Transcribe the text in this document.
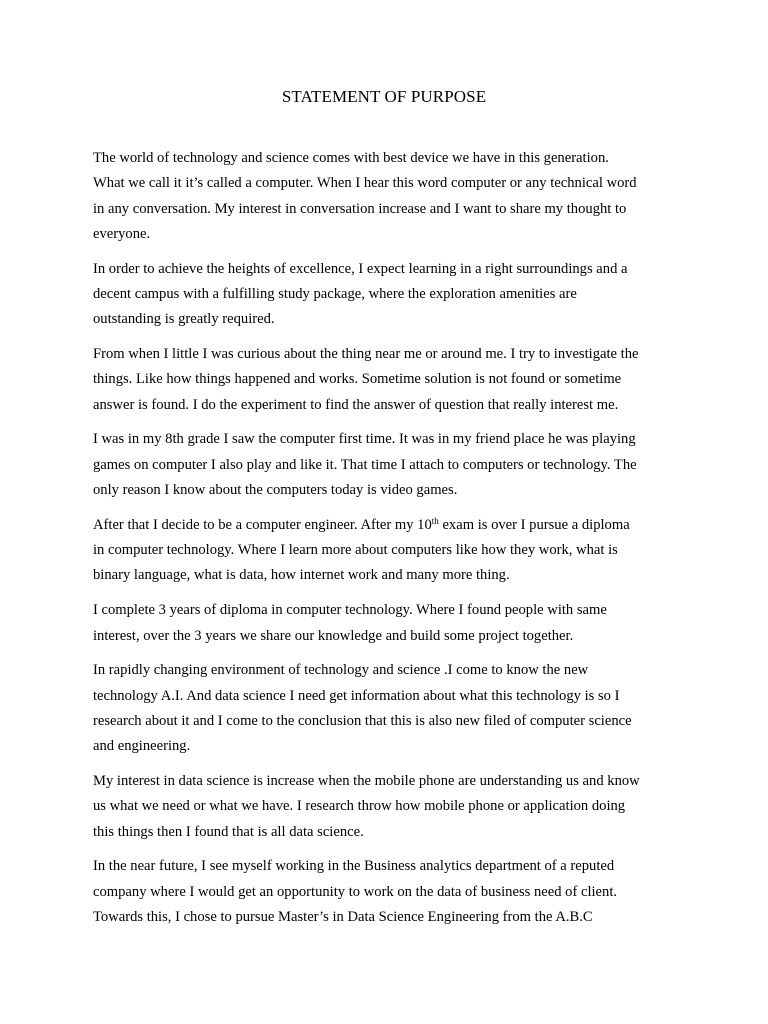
STATEMENT OF PURPOSE
The world of technology and science comes with best device we have in this generation.
What we call it it’s called a computer. When I hear this word computer or any technical word
in any conversation. My interest in conversation increase and I want to share my thought to
everyone.
In order to achieve the heights of excellence, I expect learning in a right surroundings and a
decent campus with a fulfilling study package, where the exploration amenities are
outstanding is greatly required.
From when I little I was curious about the thing near me or around me. I try to investigate the
things. Like how things happened and works. Sometime solution is not found or sometime
answer is found. I do the experiment to find the answer of question that really interest me.
I was in my 8th grade I saw the computer first time. It was in my friend place he was playing
games on computer I also play and like it. That time I attach to computers or technology. The
only reason I know about the computers today is video games.
After that I decide to be a computer engineer. After my 10th exam is over I pursue a diploma
in computer technology. Where I learn more about computers like how they work, what is
binary language, what is data, how internet work and many more thing.
I complete 3 years of diploma in computer technology. Where I found people with same
interest, over the 3 years we share our knowledge and build some project together.
In rapidly changing environment of technology and science .I come to know the new
technology A.I. And data science I need get information about what this technology is so I
research about it and I come to the conclusion that this is also new filed of computer science
and engineering.
My interest in data science is increase when the mobile phone are understanding us and know
us what we need or what we have. I research throw how mobile phone or application doing
this things then I found that is all data science.
In the near future, I see myself working in the Business analytics department of a reputed
company where I would get an opportunity to work on the data of business need of client.
Towards this, I chose to pursue Master’s in Data Science Engineering from the A.B.C
